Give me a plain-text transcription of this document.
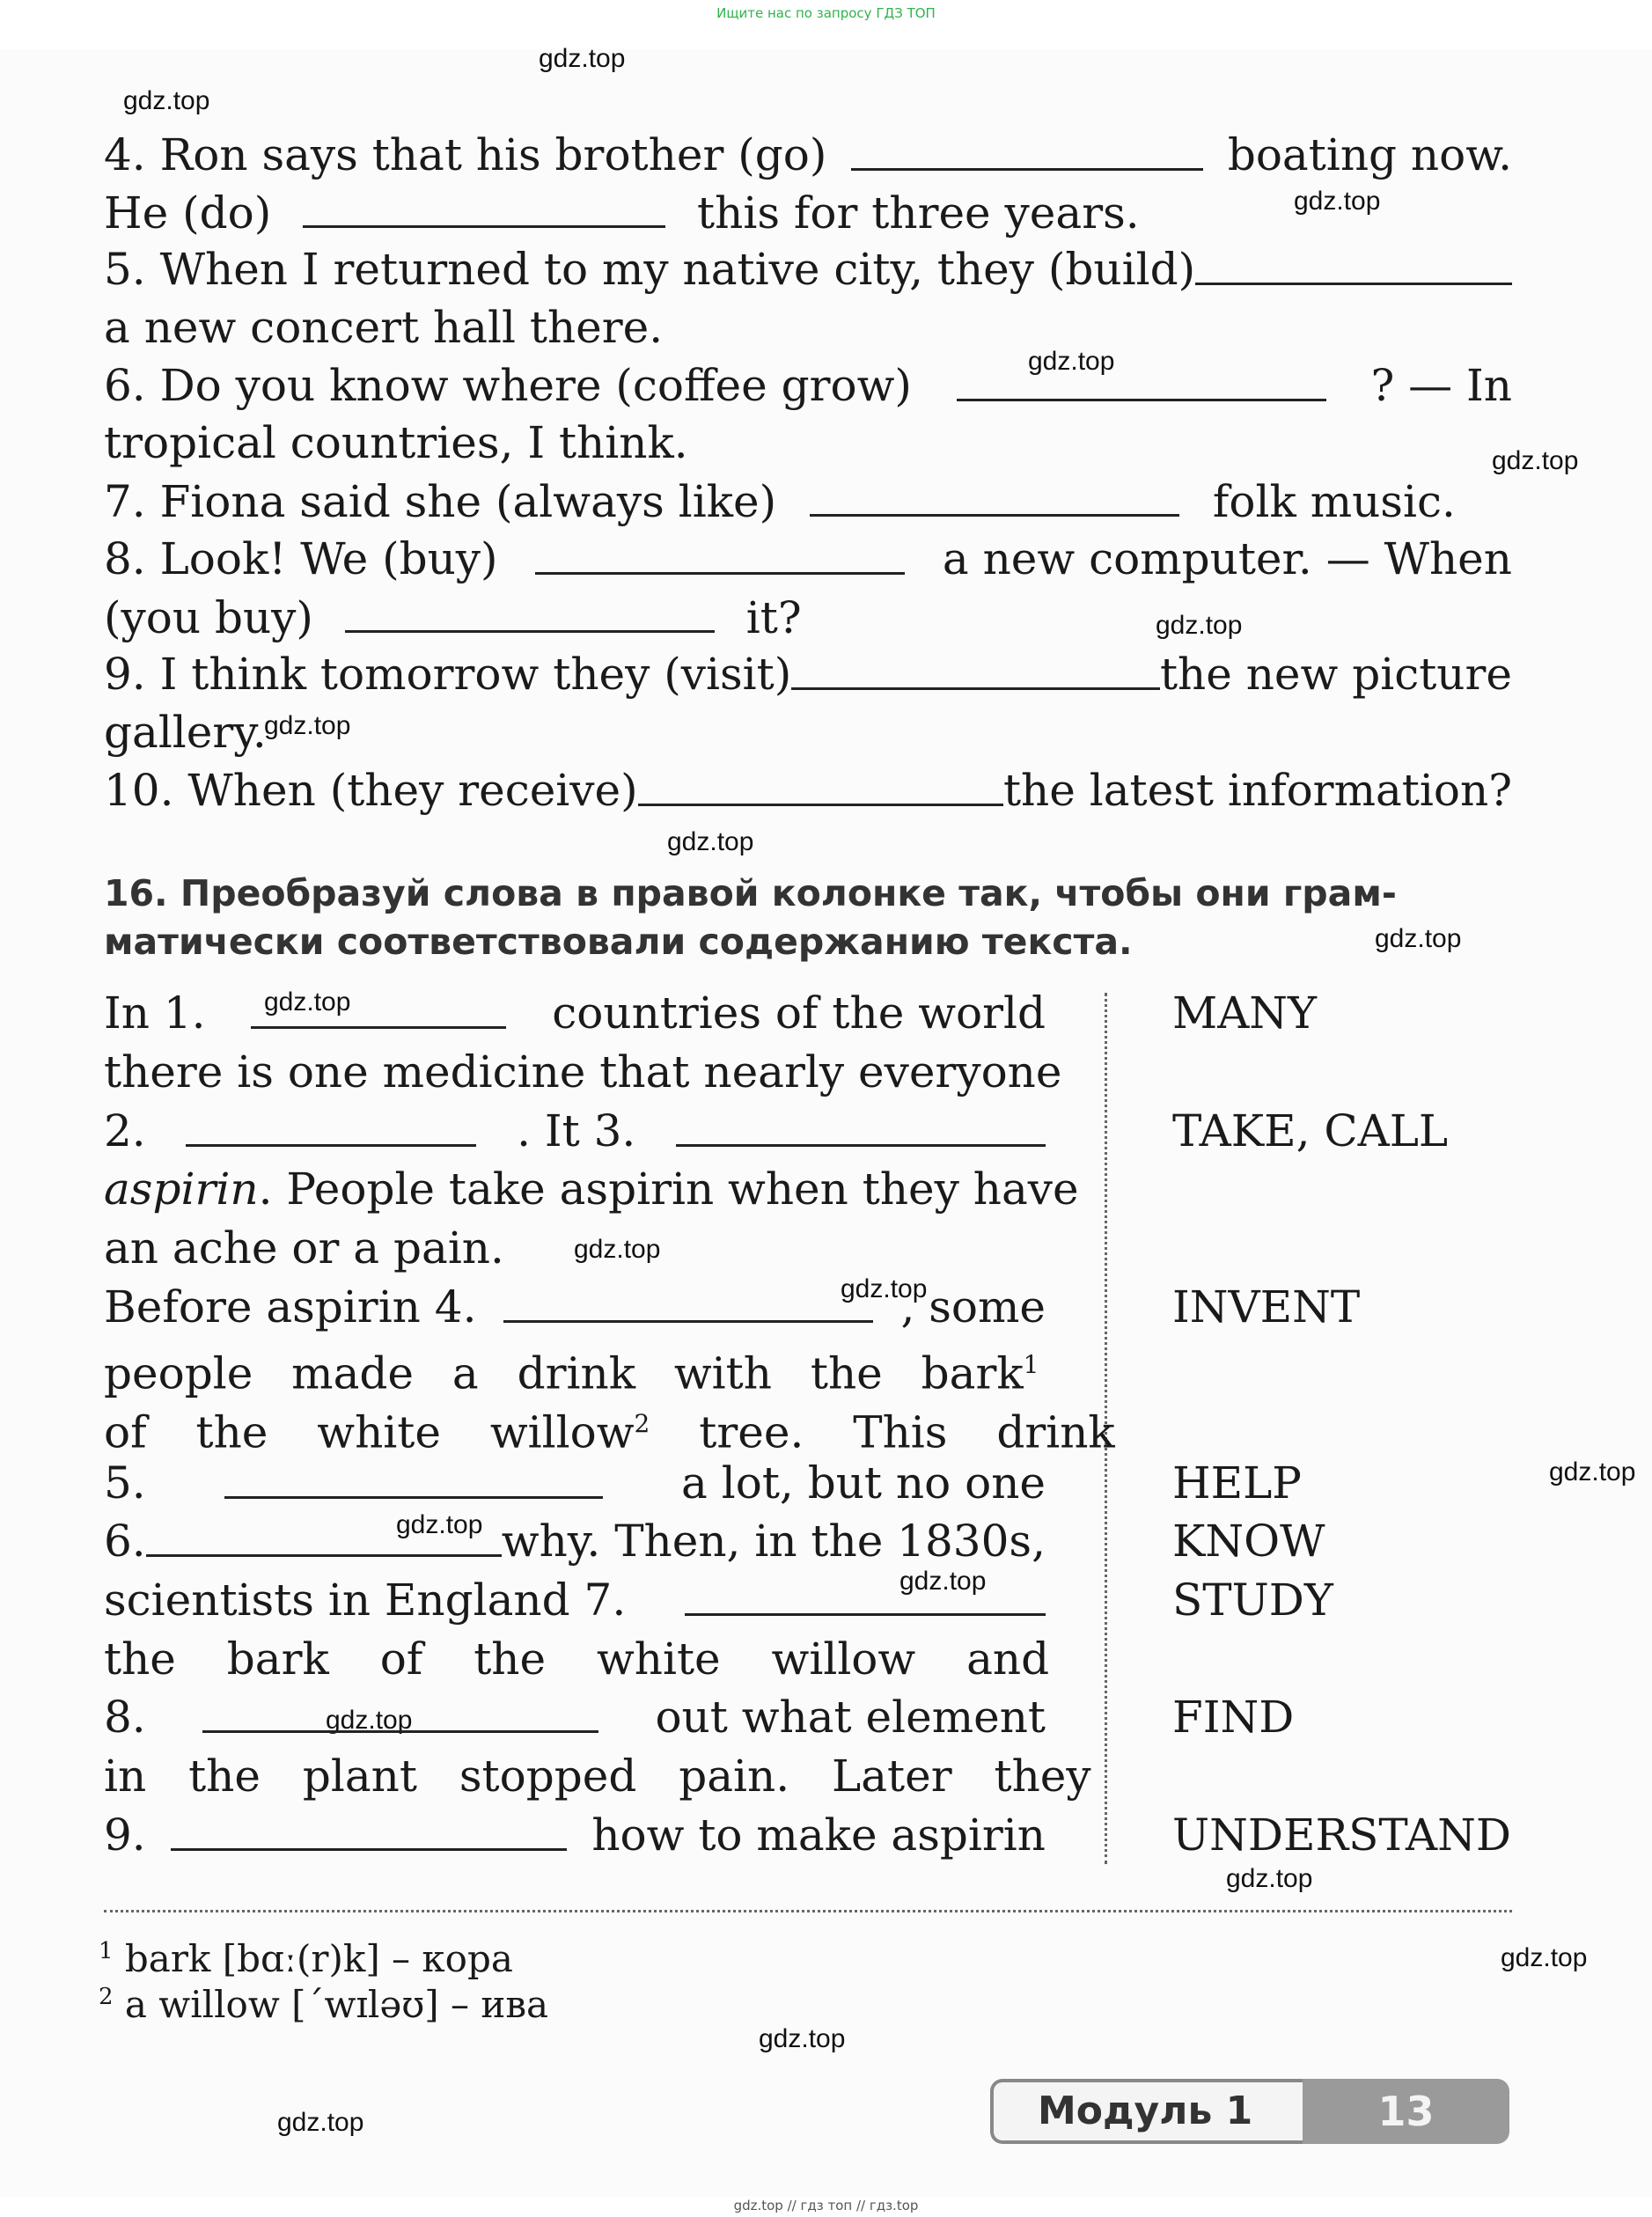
Ищите нас по запросу ГДЗ ТОП
gdz.top
gdz.top
gdz.top
gdz.top
gdz.top
gdz.top
gdz.top
gdz.top
gdz.top
gdz.top
gdz.top
gdz.top
gdz.top
gdz.top
gdz.top
gdz.top
gdz.top
gdz.top
gdz.top
gdz.top
4. Ron says that his brother (go)	boating now.
He (do)	this for three years.
5. When I returned to my native city, they (build)
a new concert hall there.
6. Do you know where (coffee grow)	? — In
tropical countries, I think.
7. Fiona said she (always like)	folk music.
8. Look! We (buy)	a new computer. — When
(you buy)	it?
9. I think tomorrow they (visit)	the new picture
gallery.
10. When (they receive)	the latest information?
16. Преобразуй слова в правой колонке так, чтобы они грам-
матически соответствовали содержанию текста.
In 1.	countries of the world
there is one medicine that nearly everyone
2.	. It 3.
aspirin. People take aspirin when they have
an ache or a pain.
Before aspirin 4.	, some
people made a drink with the bark$^1$
of the white willow$^2$ tree. This drink
5.	a lot, but no one
6.	why. Then, in the 1830s,
scientists in England 7.
the bark of the white willow and
8.	out what element
in the plant stopped pain. Later they
9.	how to make aspirin
MANY
TAKE, CALL
INVENT
HELP
KNOW
STUDY
FIND
UNDERSTAND
$^1$ bark [bɑː(r)k] – кора
$^2$ a willow [ˊwɪləʊ] – ива
Модуль 1	13
gdz.top // гдз топ // гдз.top
